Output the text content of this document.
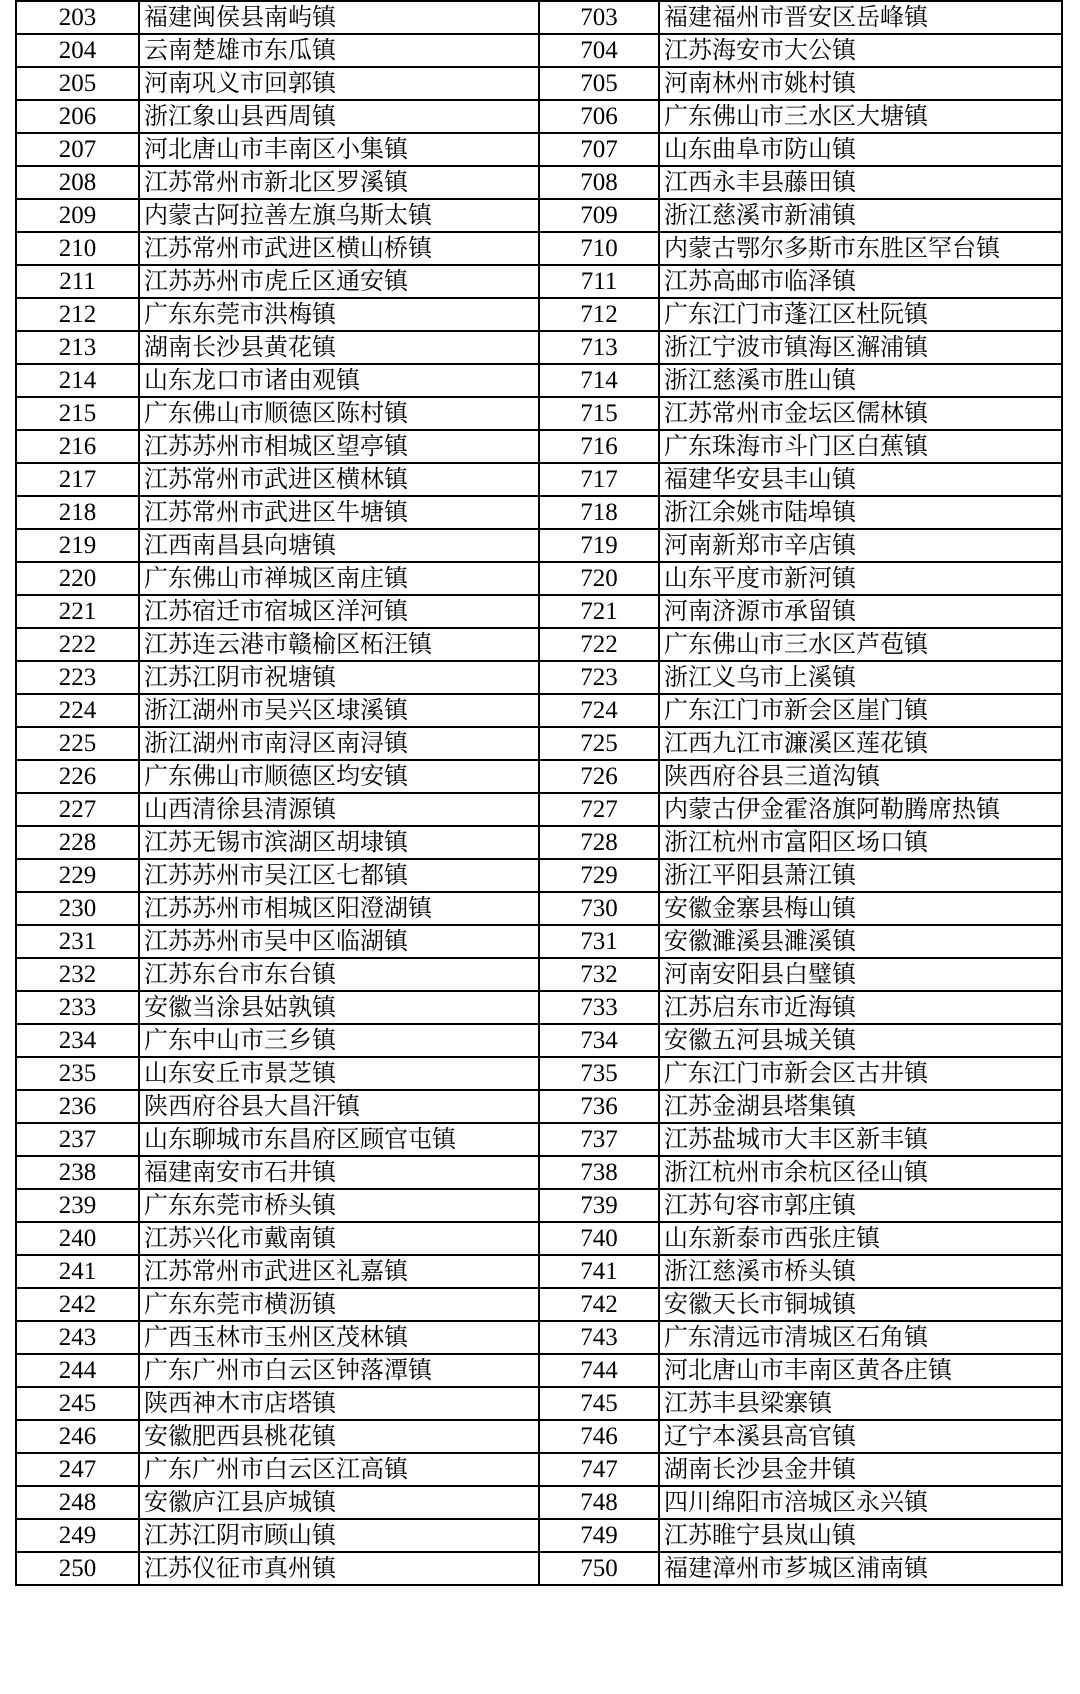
203	福建闽侯县南屿镇	703	福建福州市晋安区岳峰镇
204	云南楚雄市东瓜镇	704	江苏海安市大公镇
205	河南巩义市回郭镇	705	河南林州市姚村镇
206	浙江象山县西周镇	706	广东佛山市三水区大塘镇
207	河北唐山市丰南区小集镇	707	山东曲阜市防山镇
208	江苏常州市新北区罗溪镇	708	江西永丰县藤田镇
209	内蒙古阿拉善左旗乌斯太镇	709	浙江慈溪市新浦镇
210	江苏常州市武进区横山桥镇	710	内蒙古鄂尔多斯市东胜区罕台镇
211	江苏苏州市虎丘区通安镇	711	江苏高邮市临泽镇
212	广东东莞市洪梅镇	712	广东江门市蓬江区杜阮镇
213	湖南长沙县黄花镇	713	浙江宁波市镇海区澥浦镇
214	山东龙口市诸由观镇	714	浙江慈溪市胜山镇
215	广东佛山市顺德区陈村镇	715	江苏常州市金坛区儒林镇
216	江苏苏州市相城区望亭镇	716	广东珠海市斗门区白蕉镇
217	江苏常州市武进区横林镇	717	福建华安县丰山镇
218	江苏常州市武进区牛塘镇	718	浙江余姚市陆埠镇
219	江西南昌县向塘镇	719	河南新郑市辛店镇
220	广东佛山市禅城区南庄镇	720	山东平度市新河镇
221	江苏宿迁市宿城区洋河镇	721	河南济源市承留镇
222	江苏连云港市赣榆区柘汪镇	722	广东佛山市三水区芦苞镇
223	江苏江阴市祝塘镇	723	浙江义乌市上溪镇
224	浙江湖州市吴兴区埭溪镇	724	广东江门市新会区崖门镇
225	浙江湖州市南浔区南浔镇	725	江西九江市濂溪区莲花镇
226	广东佛山市顺德区均安镇	726	陕西府谷县三道沟镇
227	山西清徐县清源镇	727	内蒙古伊金霍洛旗阿勒腾席热镇
228	江苏无锡市滨湖区胡埭镇	728	浙江杭州市富阳区场口镇
229	江苏苏州市吴江区七都镇	729	浙江平阳县萧江镇
230	江苏苏州市相城区阳澄湖镇	730	安徽金寨县梅山镇
231	江苏苏州市吴中区临湖镇	731	安徽濉溪县濉溪镇
232	江苏东台市东台镇	732	河南安阳县白璧镇
233	安徽当涂县姑孰镇	733	江苏启东市近海镇
234	广东中山市三乡镇	734	安徽五河县城关镇
235	山东安丘市景芝镇	735	广东江门市新会区古井镇
236	陕西府谷县大昌汗镇	736	江苏金湖县塔集镇
237	山东聊城市东昌府区顾官屯镇	737	江苏盐城市大丰区新丰镇
238	福建南安市石井镇	738	浙江杭州市余杭区径山镇
239	广东东莞市桥头镇	739	江苏句容市郭庄镇
240	江苏兴化市戴南镇	740	山东新泰市西张庄镇
241	江苏常州市武进区礼嘉镇	741	浙江慈溪市桥头镇
242	广东东莞市横沥镇	742	安徽天长市铜城镇
243	广西玉林市玉州区茂林镇	743	广东清远市清城区石角镇
244	广东广州市白云区钟落潭镇	744	河北唐山市丰南区黄各庄镇
245	陕西神木市店塔镇	745	江苏丰县梁寨镇
246	安徽肥西县桃花镇	746	辽宁本溪县高官镇
247	广东广州市白云区江高镇	747	湖南长沙县金井镇
248	安徽庐江县庐城镇	748	四川绵阳市涪城区永兴镇
249	江苏江阴市顾山镇	749	江苏睢宁县岚山镇
250	江苏仪征市真州镇	750	福建漳州市芗城区浦南镇
